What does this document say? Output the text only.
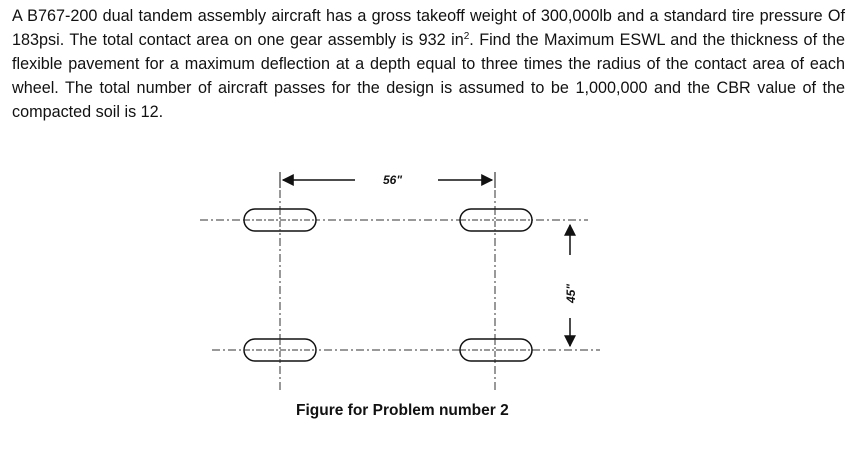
A B767-200 dual tandem assembly aircraft has a gross takeoff weight of 300,000lb and a standard tire pressure Of 183psi. The total contact area on one gear assembly is 932 $in^2$. Find the Maximum ESWL and the thickness of the flexible pavement for a maximum deflection at a depth equal to three times the radius of the contact area of each wheel. The total number of aircraft passes for the design is assumed to be 1,000,000 and the CBR value of the compacted soil is 12.

56"
45"

Figure for Problem number 2
